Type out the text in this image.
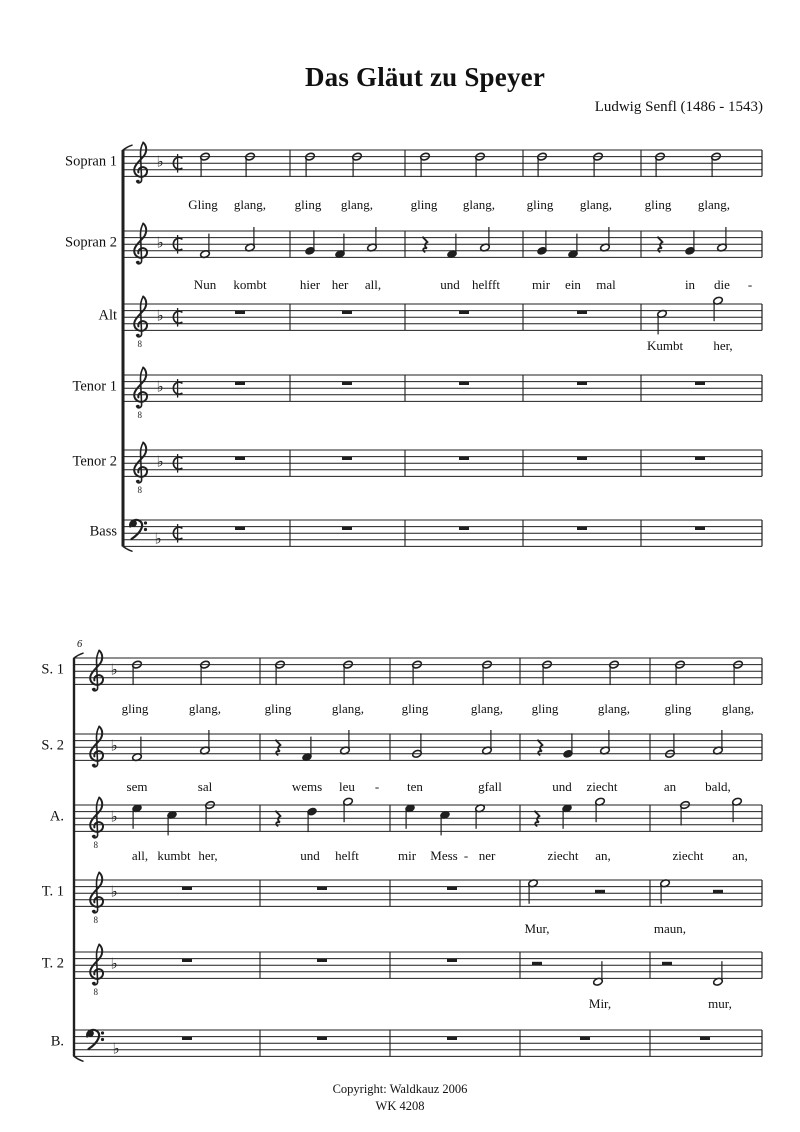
Das Gläut zu Speyer
Ludwig Senfl (1486 - 1543)
♭
♭
8
♭
8
♭
8
♭
♭
♭
♭
8
♭
8
♭
8
♭
♭
Sopran 1
Gling glang, gling glang,	gling glang, gling glang,	gling glang,
Sopran 2
Nun kombt	hier her all,	und helfft mir ein mal	in die -
Alt
Kumbt her,
Tenor 1
Tenor 2
Bass
6
S. 1
gling	glang,	gling	glang,	gling	glang, gling	glang,	gling glang,
S. 2
sem	sal	wems leu - ten	gfall	und ziecht	an bald,
A.
all, kumbt her,	und helft	mir Mess - ner	ziecht an,	ziecht an,
T. 1
Mur,	maun,
T. 2
Mir,	mur,
B.
Copyright: Waldkauz 2006
WK 4208
